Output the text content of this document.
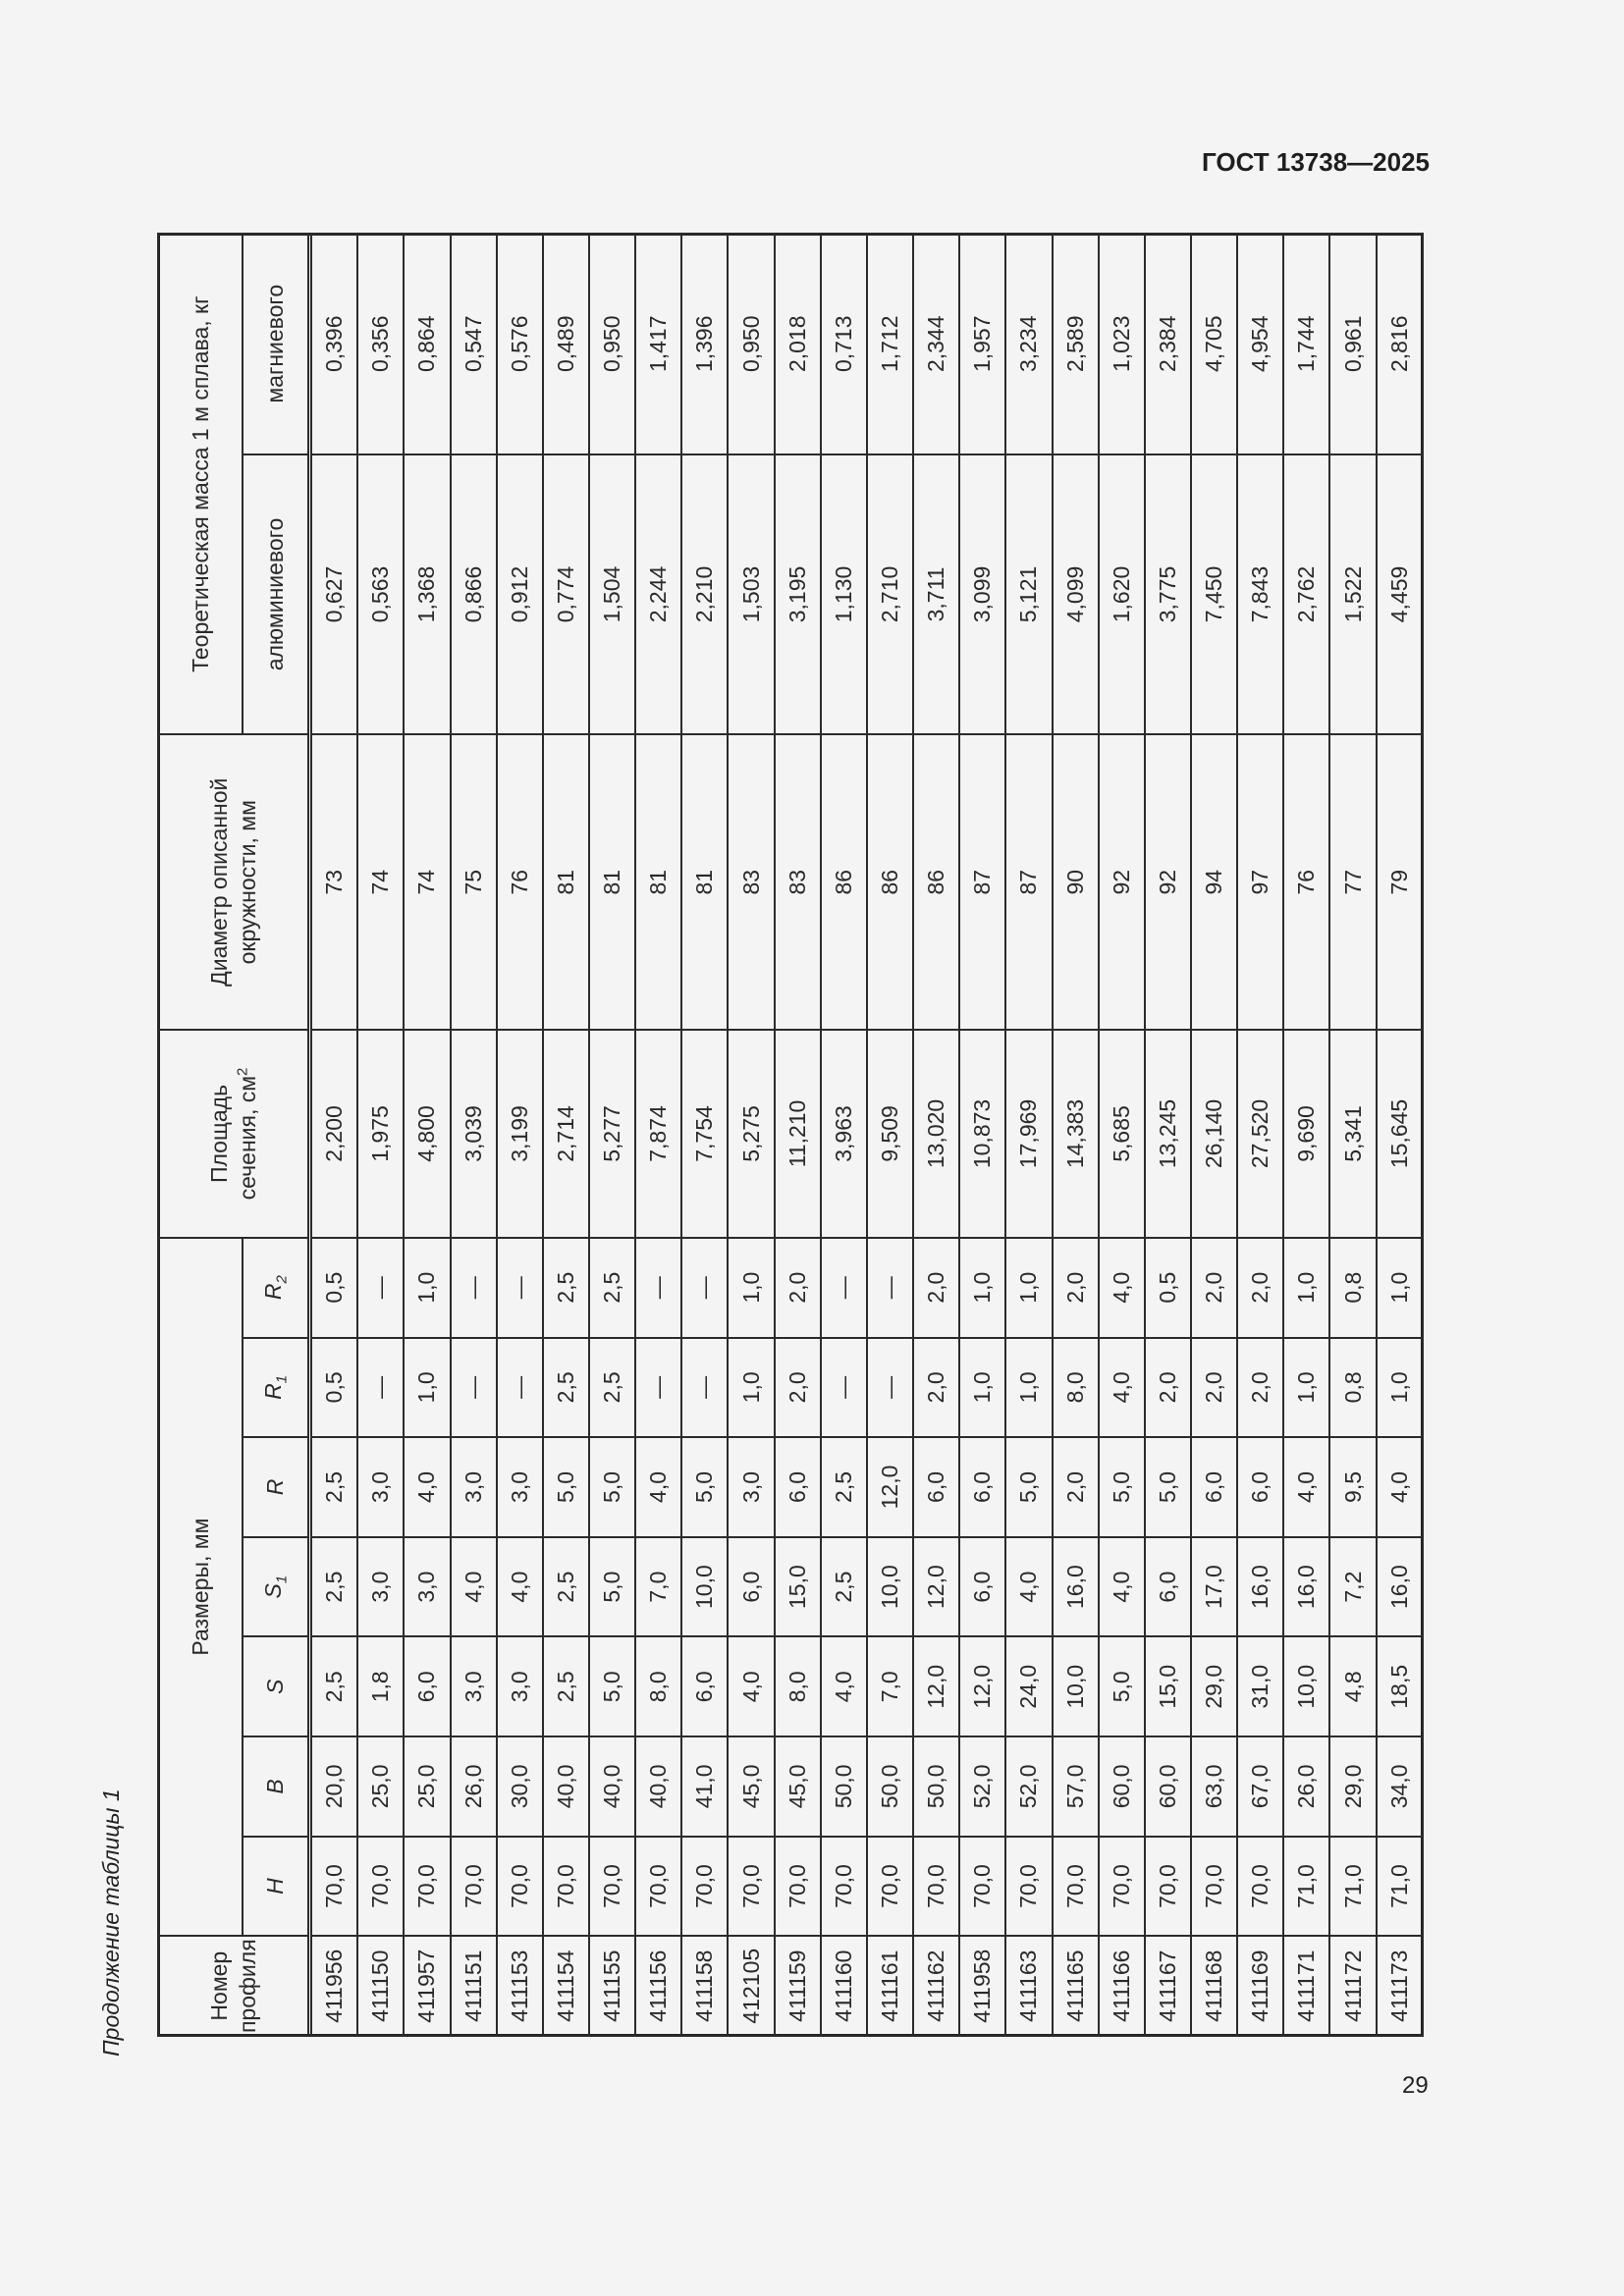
ГОСТ 13738—2025
Продолжение таблицы 1	Номер профиля	Размеры, мм							Площадь сечения, $см^2$	Диаметр описанной окружности, мм	Теоретическая масса 1 м сплава, кг	
	H	B	S	$S_1$	R	$R_1$	$R_2$			алюминиевого	магниевого
411956	70,0	20,0	2,5	2,5	2,5	0,5	0,5	2,200	73	0,627	0,396
411150	70,0	25,0	1,8	3,0	3,0	—	—	1,975	74	0,563	0,356
411957	70,0	25,0	6,0	3,0	4,0	1,0	1,0	4,800	74	1,368	0,864
411151	70,0	26,0	3,0	4,0	3,0	—	—	3,039	75	0,866	0,547
411153	70,0	30,0	3,0	4,0	3,0	—	—	3,199	76	0,912	0,576
411154	70,0	40,0	2,5	2,5	5,0	2,5	2,5	2,714	81	0,774	0,489
411155	70,0	40,0	5,0	5,0	5,0	2,5	2,5	5,277	81	1,504	0,950
411156	70,0	40,0	8,0	7,0	4,0	—	—	7,874	81	2,244	1,417
411158	70,0	41,0	6,0	10,0	5,0	—	—	7,754	81	2,210	1,396
412105	70,0	45,0	4,0	6,0	3,0	1,0	1,0	5,275	83	1,503	0,950
411159	70,0	45,0	8,0	15,0	6,0	2,0	2,0	11,210	83	3,195	2,018
411160	70,0	50,0	4,0	2,5	2,5	—	—	3,963	86	1,130	0,713
411161	70,0	50,0	7,0	10,0	12,0	—	—	9,509	86	2,710	1,712
411162	70,0	50,0	12,0	12,0	6,0	2,0	2,0	13,020	86	3,711	2,344
411958	70,0	52,0	12,0	6,0	6,0	1,0	1,0	10,873	87	3,099	1,957
411163	70,0	52,0	24,0	4,0	5,0	1,0	1,0	17,969	87	5,121	3,234
411165	70,0	57,0	10,0	16,0	2,0	8,0	2,0	14,383	90	4,099	2,589
411166	70,0	60,0	5,0	4,0	5,0	4,0	4,0	5,685	92	1,620	1,023
411167	70,0	60,0	15,0	6,0	5,0	2,0	0,5	13,245	92	3,775	2,384
411168	70,0	63,0	29,0	17,0	6,0	2,0	2,0	26,140	94	7,450	4,705
411169	70,0	67,0	31,0	16,0	6,0	2,0	2,0	27,520	97	7,843	4,954
411171	71,0	26,0	10,0	16,0	4,0	1,0	1,0	9,690	76	2,762	1,744
411172	71,0	29,0	4,8	7,2	9,5	0,8	0,8	5,341	77	1,522	0,961
411173	71,0	34,0	18,5	16,0	4,0	1,0	1,0	15,645	79	4,459	2,816
29
